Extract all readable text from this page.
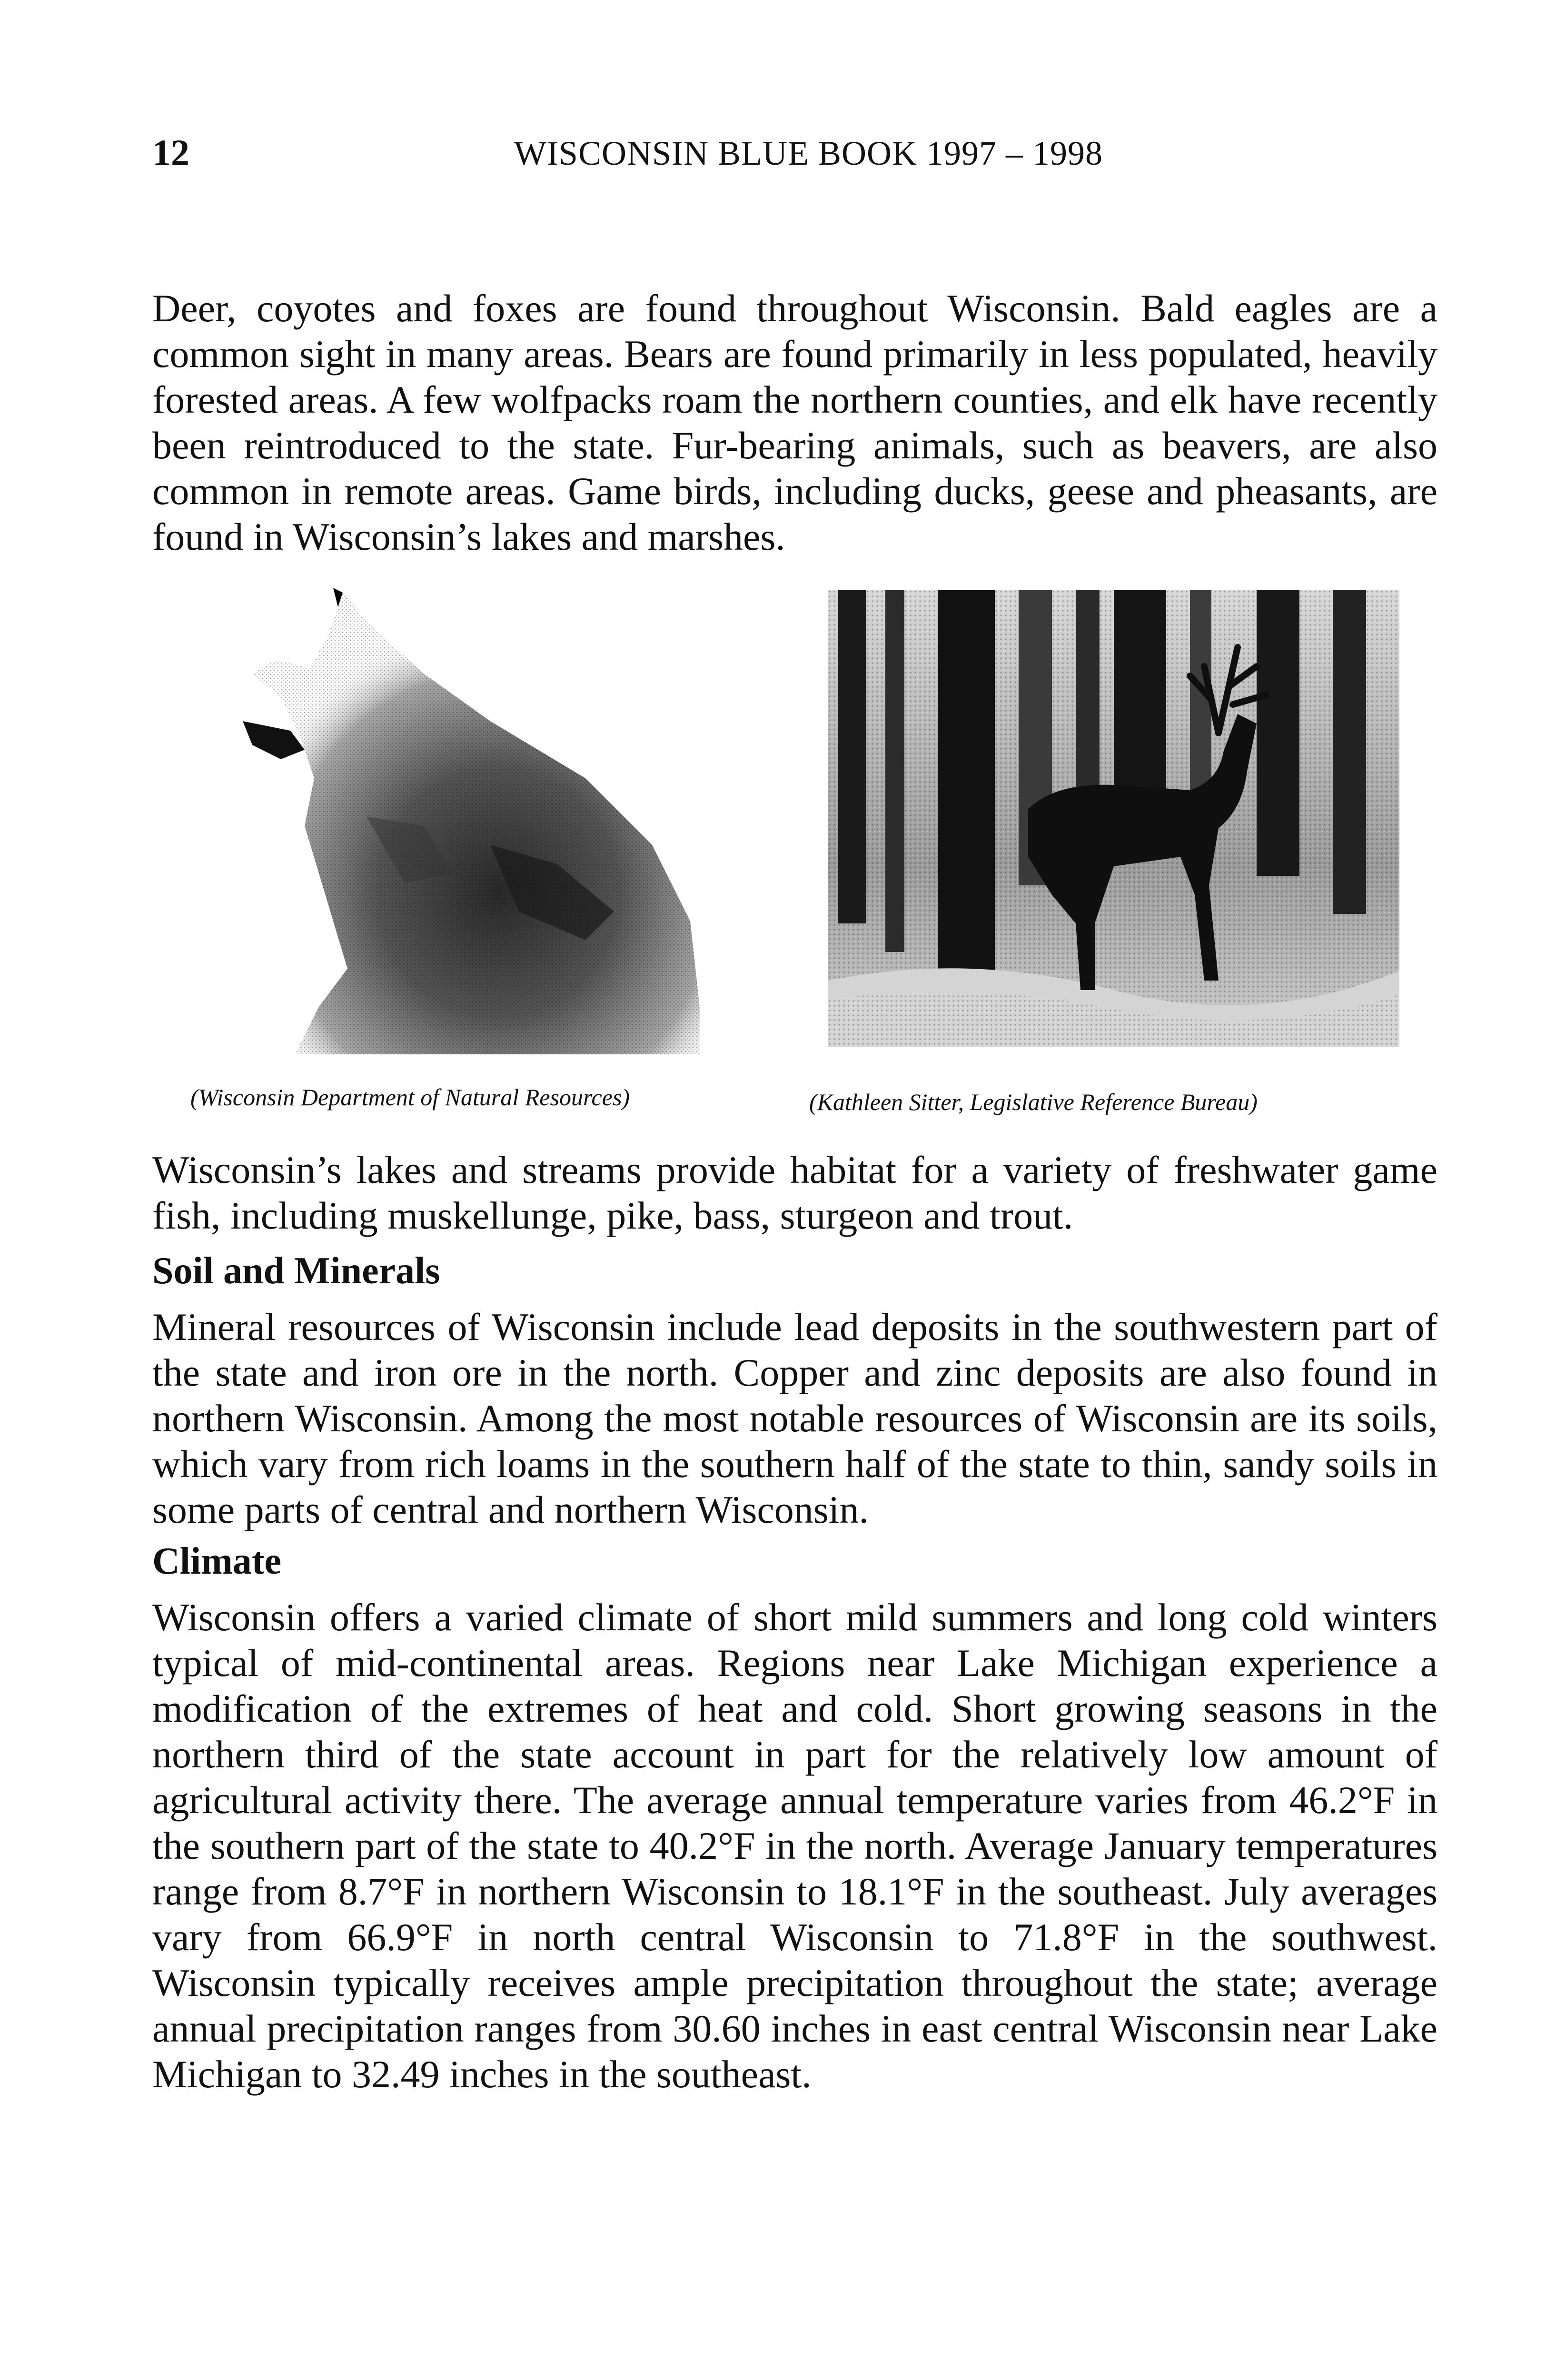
12	WISCONSIN BLUE BOOK 1997 – 1998

Deer, coyotes and foxes are found throughout Wisconsin. Bald eagles are a common sight in many areas. Bears are found primarily in less populated, heavily forested areas. A few wolfpacks roam the northern counties, and elk have recently been reintroduced to the state. Fur-bearing animals, such as beavers, are also common in remote areas. Game birds, including ducks, geese and pheasants, are found in Wisconsin’s lakes and marshes.

(Wisconsin Department of Natural Resources)	(Kathleen Sitter, Legislative Reference Bureau)

Wisconsin’s lakes and streams provide habitat for a variety of freshwater game fish, including muskellunge, pike, bass, sturgeon and trout.

Soil and Minerals

Mineral resources of Wisconsin include lead deposits in the southwestern part of the state and iron ore in the north. Copper and zinc deposits are also found in northern Wisconsin. Among the most notable resources of Wisconsin are its soils, which vary from rich loams in the southern half of the state to thin, sandy soils in some parts of central and northern Wisconsin.

Climate

Wisconsin offers a varied climate of short mild summers and long cold winters typical of mid-continental areas. Regions near Lake Michigan experience a modification of the extremes of heat and cold. Short growing seasons in the northern third of the state account in part for the relatively low amount of agricultural activity there. The average annual temperature varies from 46.2°F in the southern part of the state to 40.2°F in the north. Average January temperatures range from 8.7°F in northern Wisconsin to 18.1°F in the southeast. July averages vary from 66.9°F in north central Wisconsin to 71.8°F in the southwest. Wisconsin typically receives ample precipitation throughout the state; average annual precipitation ranges from 30.60 inches in east central Wisconsin near Lake Michigan to 32.49 inches in the southeast.
